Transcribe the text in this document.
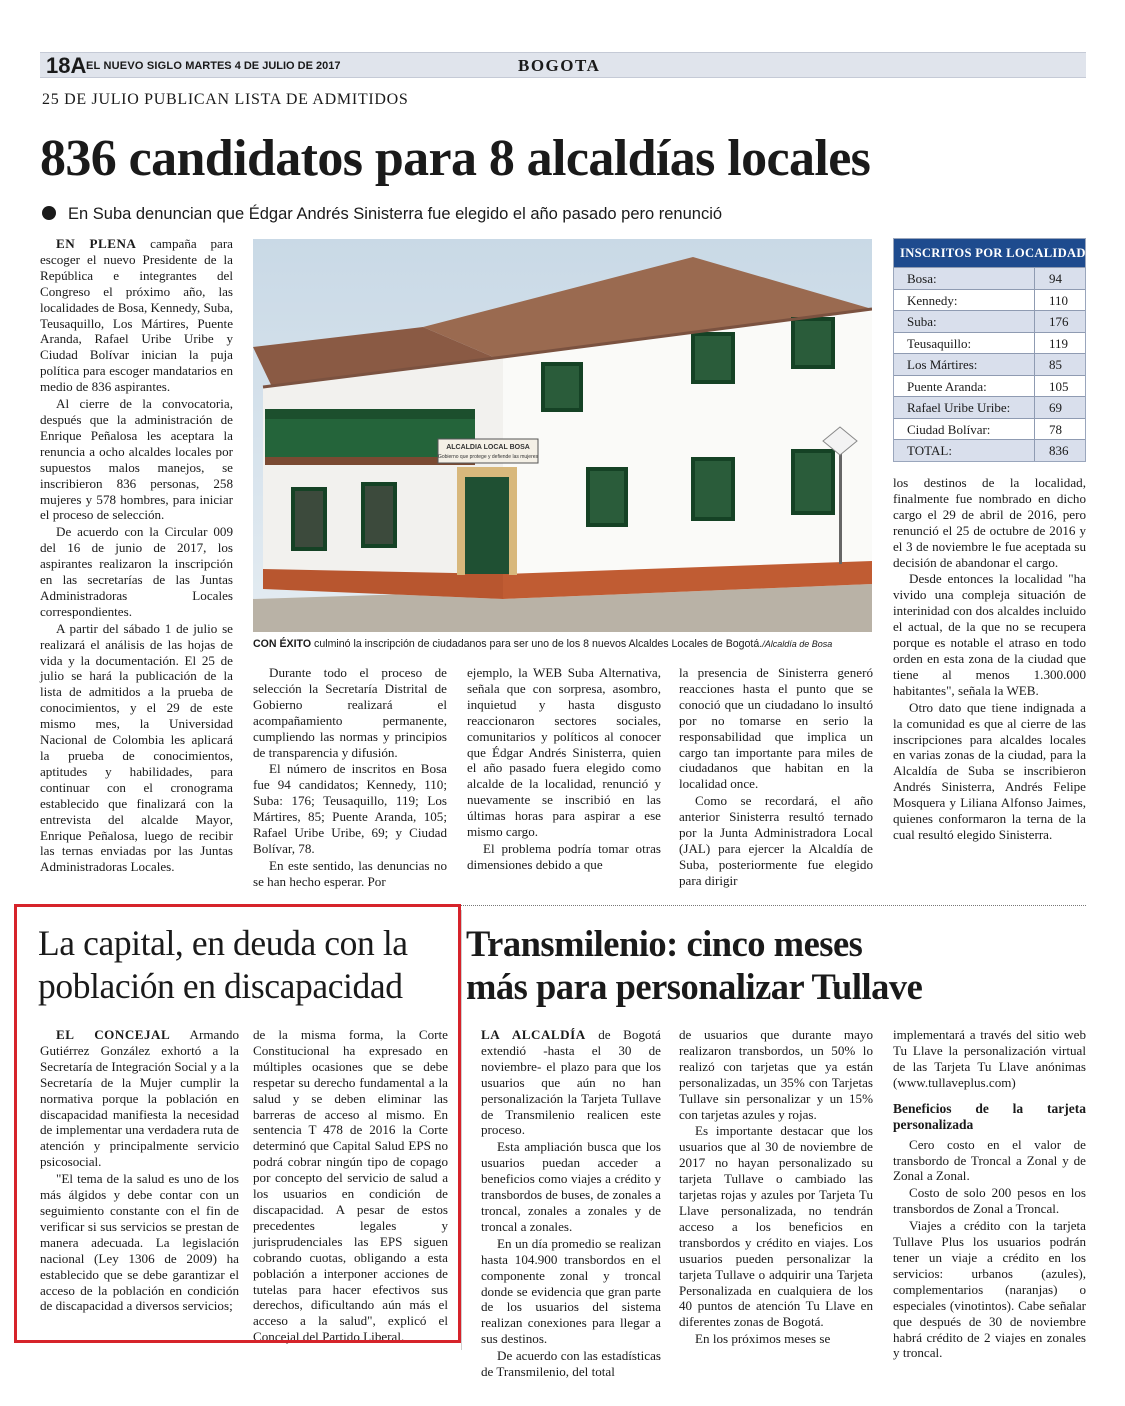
18A EL NUEVO SIGLO MARTES 4 DE JULIO DE 2017	BOGOTA
25 DE JULIO PUBLICAN LISTA DE ADMITIDOS
836 candidatos para 8 alcaldías locales
En Suba denuncian que Édgar Andrés Sinisterra fue elegido el año pasado pero renunció

EN PLENA campaña para escoger el nuevo Presidente de la República e integrantes del Congreso el próximo año, las localidades de Bosa, Kennedy, Suba, Teusaquillo, Los Mártires, Puente Aranda, Rafael Uribe Uribe y Ciudad Bolívar inician la puja política para escoger mandatarios en medio de 836 aspirantes.

Al cierre de la convocatoria, después que la administración de Enrique Peñalosa les aceptara la renuncia a ocho alcaldes locales por supuestos malos manejos, se inscribieron 836 personas, 258 mujeres y 578 hombres, para iniciar el proceso de selección.

De acuerdo con la Circular 009 del 16 de junio de 2017, los aspirantes realizaron la inscripción en las secretarías de las Juntas Administradoras Locales correspondientes.

A partir del sábado 1 de julio se realizará el análisis de las hojas de vida y la documentación. El 25 de julio se hará la publicación de la lista de admitidos a la prueba de conocimientos, y el 29 de este mismo mes, la Universidad Nacional de Colombia les aplicará la prueba de conocimientos, aptitudes y habilidades, para continuar con el cronograma establecido que finalizará con la entrevista del alcalde Mayor, Enrique Peñalosa, luego de recibir las ternas enviadas por las Juntas Administradoras Locales.

ALCALDIA LOCAL BOSA
Gobierno que protege y defiende las mujeres
CON ÉXITO culminó la inscripción de ciudadanos para ser uno de los 8 nuevos Alcaldes Locales de Bogotá./Alcaldía de Bosa

Durante todo el proceso de selección la Secretaría Distrital de Gobierno realizará el acompañamiento permanente, cumpliendo las normas y principios de transparencia y difusión.

El número de inscritos en Bosa fue 94 candidatos; Kennedy, 110; Suba: 176; Teusaquillo, 119; Los Mártires, 85; Puente Aranda, 105; Rafael Uribe Uribe, 69; y Ciudad Bolívar, 78.

En este sentido, las denuncias no se han hecho esperar. Por

ejemplo, la WEB Suba Alternativa, señala que con sorpresa, asombro, inquietud y hasta disgusto reaccionaron sectores sociales, comunitarios y políticos al conocer que Édgar Andrés Sinisterra, quien el año pasado fuera elegido como alcalde de la localidad, renunció y nuevamente se inscribió en las últimas horas para aspirar a ese mismo cargo.

El problema podría tomar otras dimensiones debido a que

la presencia de Sinisterra generó reacciones hasta el punto que se conoció que un ciudadano lo insultó por no tomarse en serio la responsabilidad que implica un cargo tan importante para miles de ciudadanos que habitan en la localidad once.

Como se recordará, el año anterior Sinisterra resultó ternado por la Junta Administradora Local (JAL) para ejercer la Alcaldía de Suba, posteriormente fue elegido para dirigir

INSCRITOS POR LOCALIDAD
Bosa:	94
Kennedy:	110
Suba:	176
Teusaquillo:	119
Los Mártires:	85
Puente Aranda:	105
Rafael Uribe Uribe:	69
Ciudad Bolívar:	78
TOTAL:	836

los destinos de la localidad, finalmente fue nombrado en dicho cargo el 29 de abril de 2016, pero renunció el 25 de octubre de 2016 y el 3 de noviembre le fue aceptada su decisión de abandonar el cargo.

Desde entonces la localidad "ha vivido una compleja situación de interinidad con dos alcaldes incluido el actual, de la que no se recupera porque es notable el atraso en todo orden en esta zona de la ciudad que tiene al menos 1.300.000 habitantes", señala la WEB.

Otro dato que tiene indignada a la comunidad es que al cierre de las inscripciones para alcaldes locales en varias zonas de la ciudad, para la Alcaldía de Suba se inscribieron Andrés Sinisterra, Andrés Felipe Mosquera y Liliana Alfonso Jaimes, quienes conformaron la terna de la cual resultó elegido Sinisterra.

La capital, en deuda con la
población en discapacidad

EL CONCEJAL Armando Gutiérrez González exhortó a la Secretaría de Integración Social y a la Secretaría de la Mujer cumplir la normativa porque la población en discapacidad manifiesta la necesidad de implementar una verdadera ruta de atención y principalmente servicio psicosocial.

"El tema de la salud es uno de los más álgidos y debe contar con un seguimiento constante con el fin de verificar si sus servicios se prestan de manera adecuada. La legislación nacional (Ley 1306 de 2009) ha establecido que se debe garantizar el acceso de la población en condición de discapacidad a diversos servicios;

de la misma forma, la Corte Constitucional ha expresado en múltiples ocasiones que se debe respetar su derecho fundamental a la salud y se deben eliminar las barreras de acceso al mismo. En sentencia T 478 de 2016 la Corte determinó que Capital Salud EPS no podrá cobrar ningún tipo de copago por concepto del servicio de salud a los usuarios en condición de discapacidad. A pesar de estos precedentes legales y jurisprudenciales las EPS siguen cobrando cuotas, obligando a esta población a interponer acciones de tutelas para hacer efectivos sus derechos, dificultando aún más el acceso a la salud", explicó el Concejal del Partido Liberal.

Transmilenio: cinco meses
más para personalizar Tullave

LA ALCALDÍA de Bogotá extendió -hasta el 30 de noviembre- el plazo para que los usuarios que aún no han personalización la Tarjeta Tullave de Transmilenio realicen este proceso.

Esta ampliación busca que los usuarios puedan acceder a beneficios como viajes a crédito y transbordos de buses, de zonales a troncal, zonales a zonales y de troncal a zonales.

En un día promedio se realizan hasta 104.900 transbordos en el componente zonal y troncal donde se evidencia que gran parte de los usuarios del sistema realizan conexiones para llegar a sus destinos.

De acuerdo con las estadísticas de Transmilenio, del total

de usuarios que durante mayo realizaron transbordos, un 50% lo realizó con tarjetas que ya están personalizadas, un 35% con Tarjetas Tullave sin personalizar y un 15% con tarjetas azules y rojas.

Es importante destacar que los usuarios que al 30 de noviembre de 2017 no hayan personalizado su tarjeta Tullave o cambiado las tarjetas rojas y azules por Tarjeta Tu Llave personalizada, no tendrán acceso a los beneficios en transbordos y crédito en viajes. Los usuarios pueden personalizar la tarjeta Tullave o adquirir una Tarjeta Personalizada en cualquiera de los 40 puntos de atención Tu Llave en diferentes zonas de Bogotá.

En los próximos meses se

implementará a través del sitio web Tu Llave la personalización virtual de las Tarjeta Tu Llave anónimas (www.tullaveplus.com)

Beneficios de la tarjeta personalizada

Cero costo en el valor de transbordo de Troncal a Zonal y de Zonal a Zonal.

Costo de solo 200 pesos en los transbordos de Zonal a Troncal.

Viajes a crédito con la tarjeta Tullave Plus los usuarios podrán tener un viaje a crédito en los servicios: urbanos (azules), complementarios (naranjas) o especiales (vinotintos). Cabe señalar que después de 30 de noviembre habrá crédito de 2 viajes en zonales y troncal.
